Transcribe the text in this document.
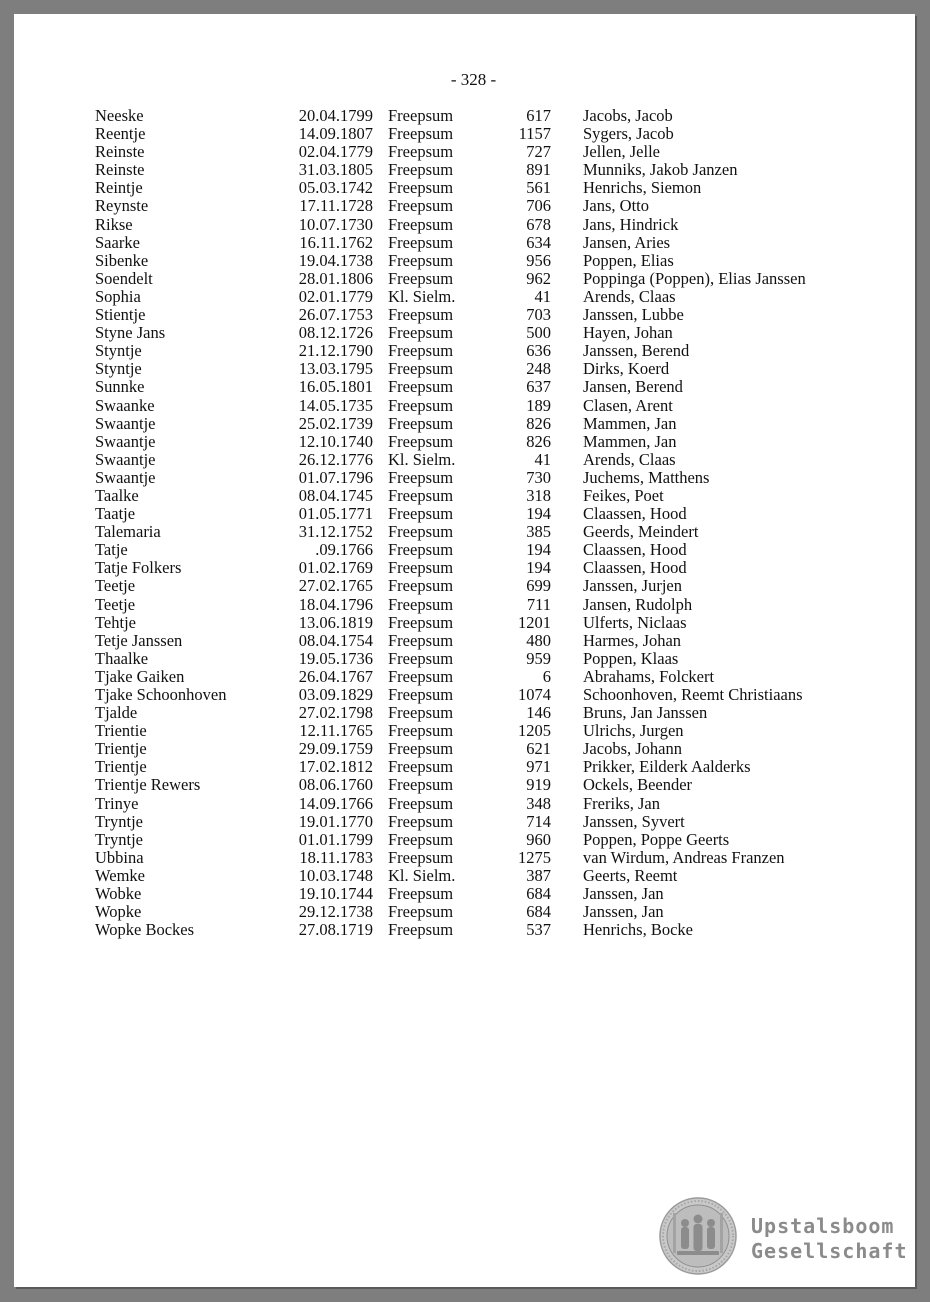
- 328 -
Neeske	20.04.1799 Freepsum	617 Jacobs, Jacob
Reentje	14.09.1807 Freepsum	1157 Sygers, Jacob
Reinste	02.04.1779 Freepsum	727 Jellen, Jelle
Reinste	31.03.1805 Freepsum	891 Munniks, Jakob Janzen
Reintje	05.03.1742 Freepsum	561 Henrichs, Siemon
Reynste	17.11.1728 Freepsum	706 Jans, Otto
Rikse	10.07.1730 Freepsum	678 Jans, Hindrick
Saarke	16.11.1762 Freepsum	634 Jansen, Aries
Sibenke	19.04.1738 Freepsum	956 Poppen, Elias
Soendelt	28.01.1806 Freepsum	962 Poppinga (Poppen), Elias Janssen
Sophia	02.01.1779 Kl. Sielm.	41 Arends, Claas
Stientje	26.07.1753 Freepsum	703 Janssen, Lubbe
Styne Jans	08.12.1726 Freepsum	500 Hayen, Johan
Styntje	21.12.1790 Freepsum	636 Janssen, Berend
Styntje	13.03.1795 Freepsum	248 Dirks, Koerd
Sunnke	16.05.1801 Freepsum	637 Jansen, Berend
Swaanke	14.05.1735 Freepsum	189 Clasen, Arent
Swaantje	25.02.1739 Freepsum	826 Mammen, Jan
Swaantje	12.10.1740 Freepsum	826 Mammen, Jan
Swaantje	26.12.1776 Kl. Sielm.	41 Arends, Claas
Swaantje	01.07.1796 Freepsum	730 Juchems, Matthens
Taalke	08.04.1745 Freepsum	318 Feikes, Poet
Taatje	01.05.1771 Freepsum	194 Claassen, Hood
Talemaria	31.12.1752 Freepsum	385 Geerds, Meindert
Tatje	.09.1766 Freepsum	194 Claassen, Hood
Tatje Folkers	01.02.1769 Freepsum	194 Claassen, Hood
Teetje	27.02.1765 Freepsum	699 Janssen, Jurjen
Teetje	18.04.1796 Freepsum	711 Jansen, Rudolph
Tehtje	13.06.1819 Freepsum	1201 Ulferts, Niclaas
Tetje Janssen	08.04.1754 Freepsum	480 Harmes, Johan
Thaalke	19.05.1736 Freepsum	959 Poppen, Klaas
Tjake Gaiken	26.04.1767 Freepsum	6 Abrahams, Folckert
Tjake Schoonhoven	03.09.1829 Freepsum	1074 Schoonhoven, Reemt Christiaans
Tjalde	27.02.1798 Freepsum	146 Bruns, Jan Janssen
Trientie	12.11.1765 Freepsum	1205 Ulrichs, Jurgen
Trientje	29.09.1759 Freepsum	621 Jacobs, Johann
Trientje	17.02.1812 Freepsum	971 Prikker, Eilderk Aalderks
Trientje Rewers	08.06.1760 Freepsum	919 Ockels, Beender
Trinye	14.09.1766 Freepsum	348 Freriks, Jan
Tryntje	19.01.1770 Freepsum	714 Janssen, Syvert
Tryntje	01.01.1799 Freepsum	960 Poppen, Poppe Geerts
Ubbina	18.11.1783 Freepsum	1275 van Wirdum, Andreas Franzen
Wemke	10.03.1748 Kl. Sielm.	387 Geerts, Reemt
Wobke	19.10.1744 Freepsum	684 Janssen, Jan
Wopke	29.12.1738 Freepsum	684 Janssen, Jan
Wopke Bockes	27.08.1719 Freepsum	537 Henrichs, Bocke
Upstalsboom
Gesellschaft
